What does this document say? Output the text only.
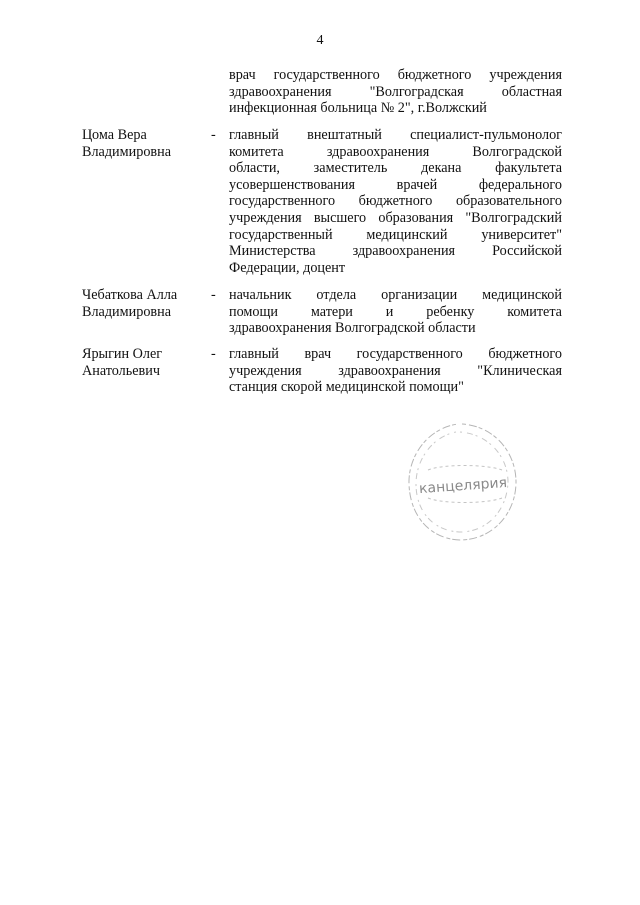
4
врач государственного бюджетного учреждения
здравоохранения "Волгоградская областная
инфекционная больница № 2", г.Волжский
Цома Вера
Владимировна
- главный внештатный специалист-пульмонолог
комитета здравоохранения Волгоградской
области, заместитель декана факультета
усовершенствования врачей федерального
государственного бюджетного образовательного
учреждения высшего образования "Волгоградский
государственный медицинский университет"
Министерства здравоохранения Российской
Федерации, доцент
Чебаткова Алла
Владимировна
- начальник отдела организации медицинской
помощи матери и ребенку комитета
здравоохранения Волгоградской области
Ярыгин Олег
Анатольевич
- главный врач государственного бюджетного
учреждения здравоохранения "Клиническая
станция скорой медицинской помощи"
канцелярия
